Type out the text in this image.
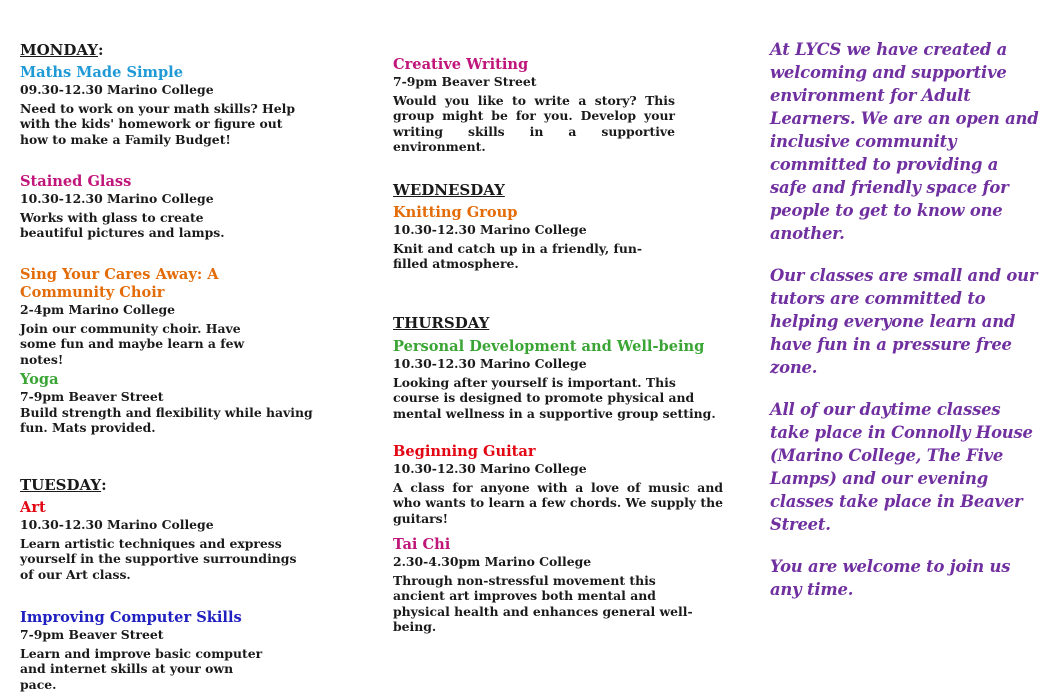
MONDAY:
Maths Made Simple
09.30-12.30 Marino College
Need to work on your math skills? Help with the kids' homework or figure out how to make a Family Budget!
Stained Glass
10.30-12.30 Marino College
Works with glass to create beautiful pictures and lamps.
Sing Your Cares Away: A Community Choir
2-4pm Marino College
Join our community choir. Have some fun and maybe learn a few notes!
Yoga
7-9pm Beaver Street
Build strength and flexibility while having fun. Mats provided.
TUESDAY:
Art
10.30-12.30 Marino College
Learn artistic techniques and express yourself in the supportive surroundings of our Art class.
Improving Computer Skills
7-9pm Beaver Street
Learn and improve basic computer and internet skills at your own pace.
Creative Writing
7-9pm Beaver Street
Would you like to write a story? This group might be for you. Develop your writing skills in a supportive environment.
WEDNESDAY
Knitting Group
10.30-12.30 Marino College
Knit and catch up in a friendly, fun-filled atmosphere.
THURSDAY
Personal Development and Well-being
10.30-12.30 Marino College
Looking after yourself is important. This course is designed to promote physical and mental wellness in a supportive group setting.
Beginning Guitar
10.30-12.30 Marino College
A class for anyone with a love of music and who wants to learn a few chords. We supply the guitars!
Tai Chi
2.30-4.30pm Marino College
Through non-stressful movement this ancient art improves both mental and physical health and enhances general well-being.

At LYCS we have created a welcoming and supportive environment for Adult Learners. We are an open and inclusive community committed to providing a safe and friendly space for people to get to know one another.

Our classes are small and our tutors are committed to helping everyone learn and have fun in a pressure free zone.

All of our daytime classes take place in Connolly House (Marino College, The Five Lamps) and our evening classes take place in Beaver Street.

You are welcome to join us any time.
